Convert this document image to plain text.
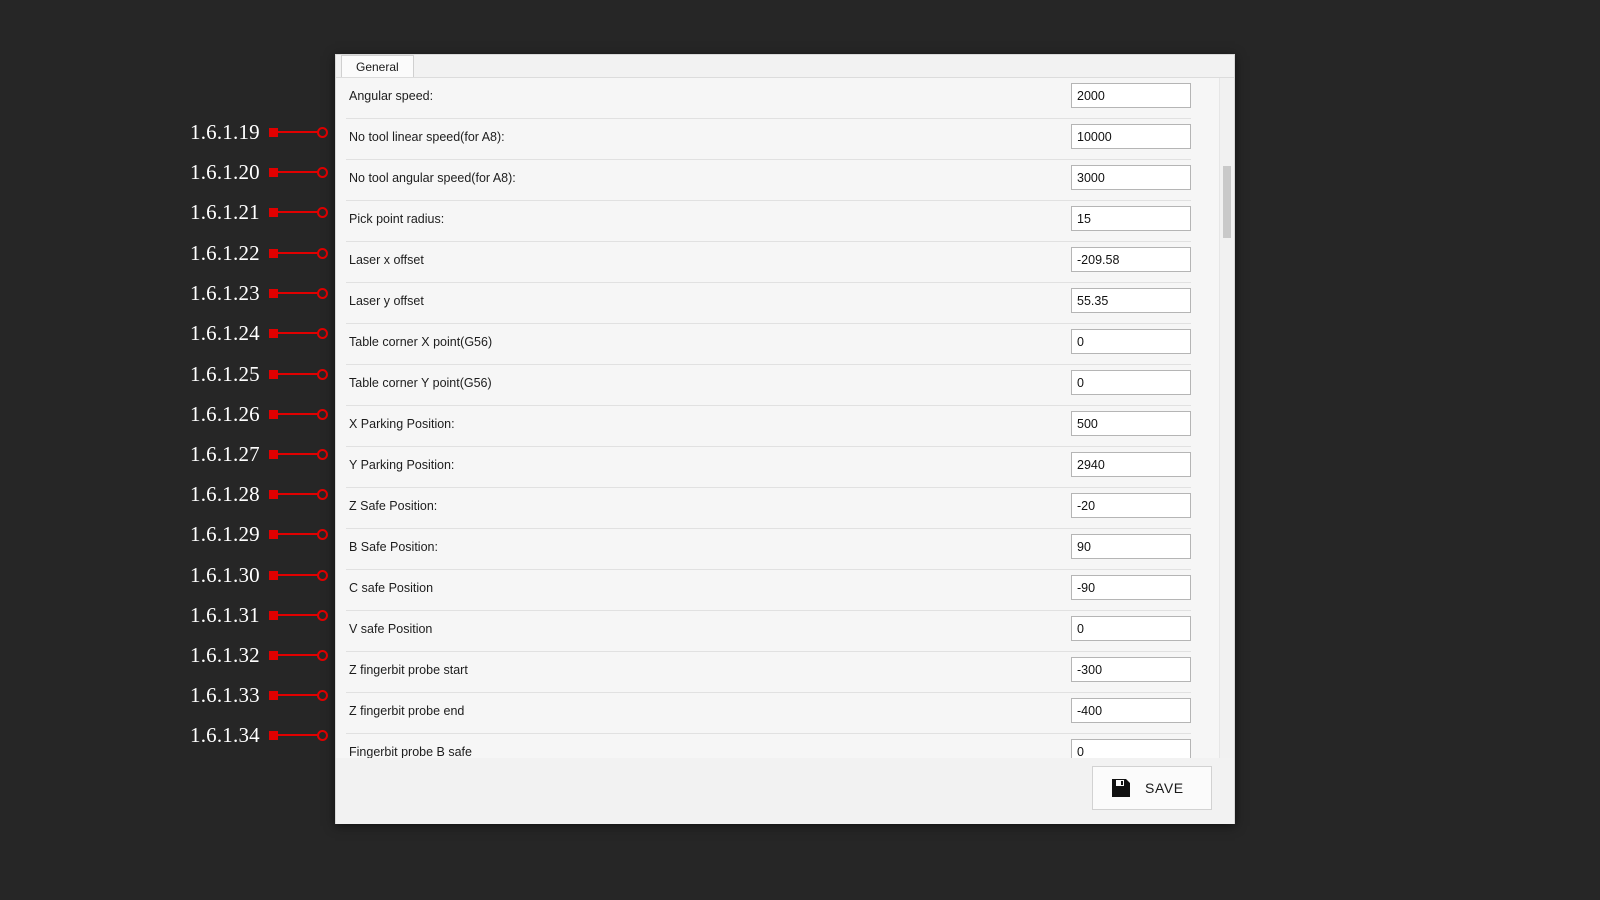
1.6.1.19
1.6.1.20
1.6.1.21
1.6.1.22
1.6.1.23
1.6.1.24
1.6.1.25
1.6.1.26
1.6.1.27
1.6.1.28
1.6.1.29
1.6.1.30
1.6.1.31
1.6.1.32
1.6.1.33
1.6.1.34
General
Angular speed:
2000
No tool linear speed(for A8):
10000
No tool angular speed(for A8):
3000
Pick point radius:
15
Laser x offset
-209.58
Laser y offset
55.35
Table corner X point(G56)
0
Table corner Y point(G56)
0
X Parking Position:
500
Y Parking Position:
2940
Z Safe Position:
-20
B Safe Position:
90
C safe Position
-90
V safe Position
0
Z fingerbit probe start
-300
Z fingerbit probe end
-400
Fingerbit probe B safe
0
SAVE
